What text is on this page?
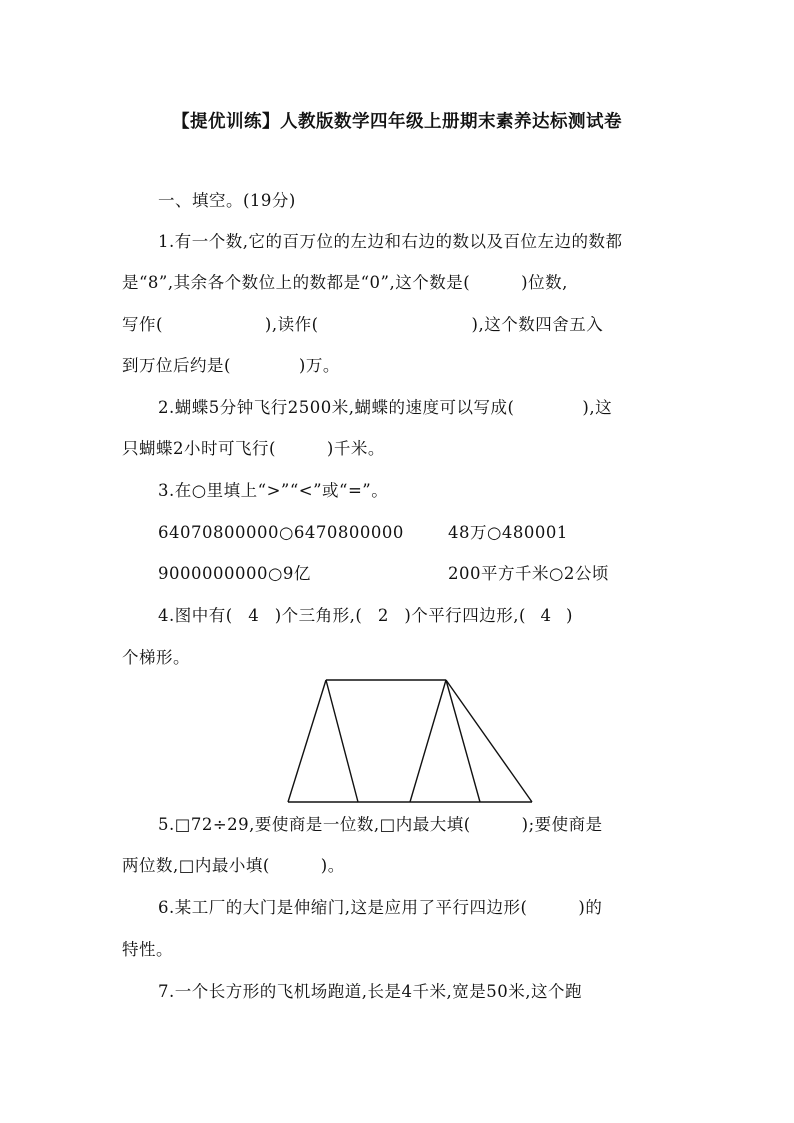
【提优训练】人教版数学四年级上册期末素养达标测试卷
一、填空。(19分)
1.有一个数,它的百万位的左边和右边的数以及百位左边的数都
是“8”,其余各个数位上的数都是“0”,这个数是(　　　)位数,
写作(　　　　　　),读作(　　　　　　　　　),这个数四舍五入
到万位后约是(　　　　)万。
2.蝴蝶5分钟飞行2500米,蝴蝶的速度可以写成(　　　　),这
只蝴蝶2小时可飞行(　　　)千米。
3.在○里填上“>”“<”或“=”。
64070800000○6470800000	48万○480001
9000000000○9亿	200平方千米○2公顷
4.图中有( 4 )个三角形,( 2 )个平行四边形,( 4 )
个梯形。
5.□72÷29,要使商是一位数,□内最大填(　　　);要使商是
两位数,□内最小填(　　　)。
6.某工厂的大门是伸缩门,这是应用了平行四边形(　　　)的
特性。
7.一个长方形的飞机场跑道,长是4千米,宽是50米,这个跑
